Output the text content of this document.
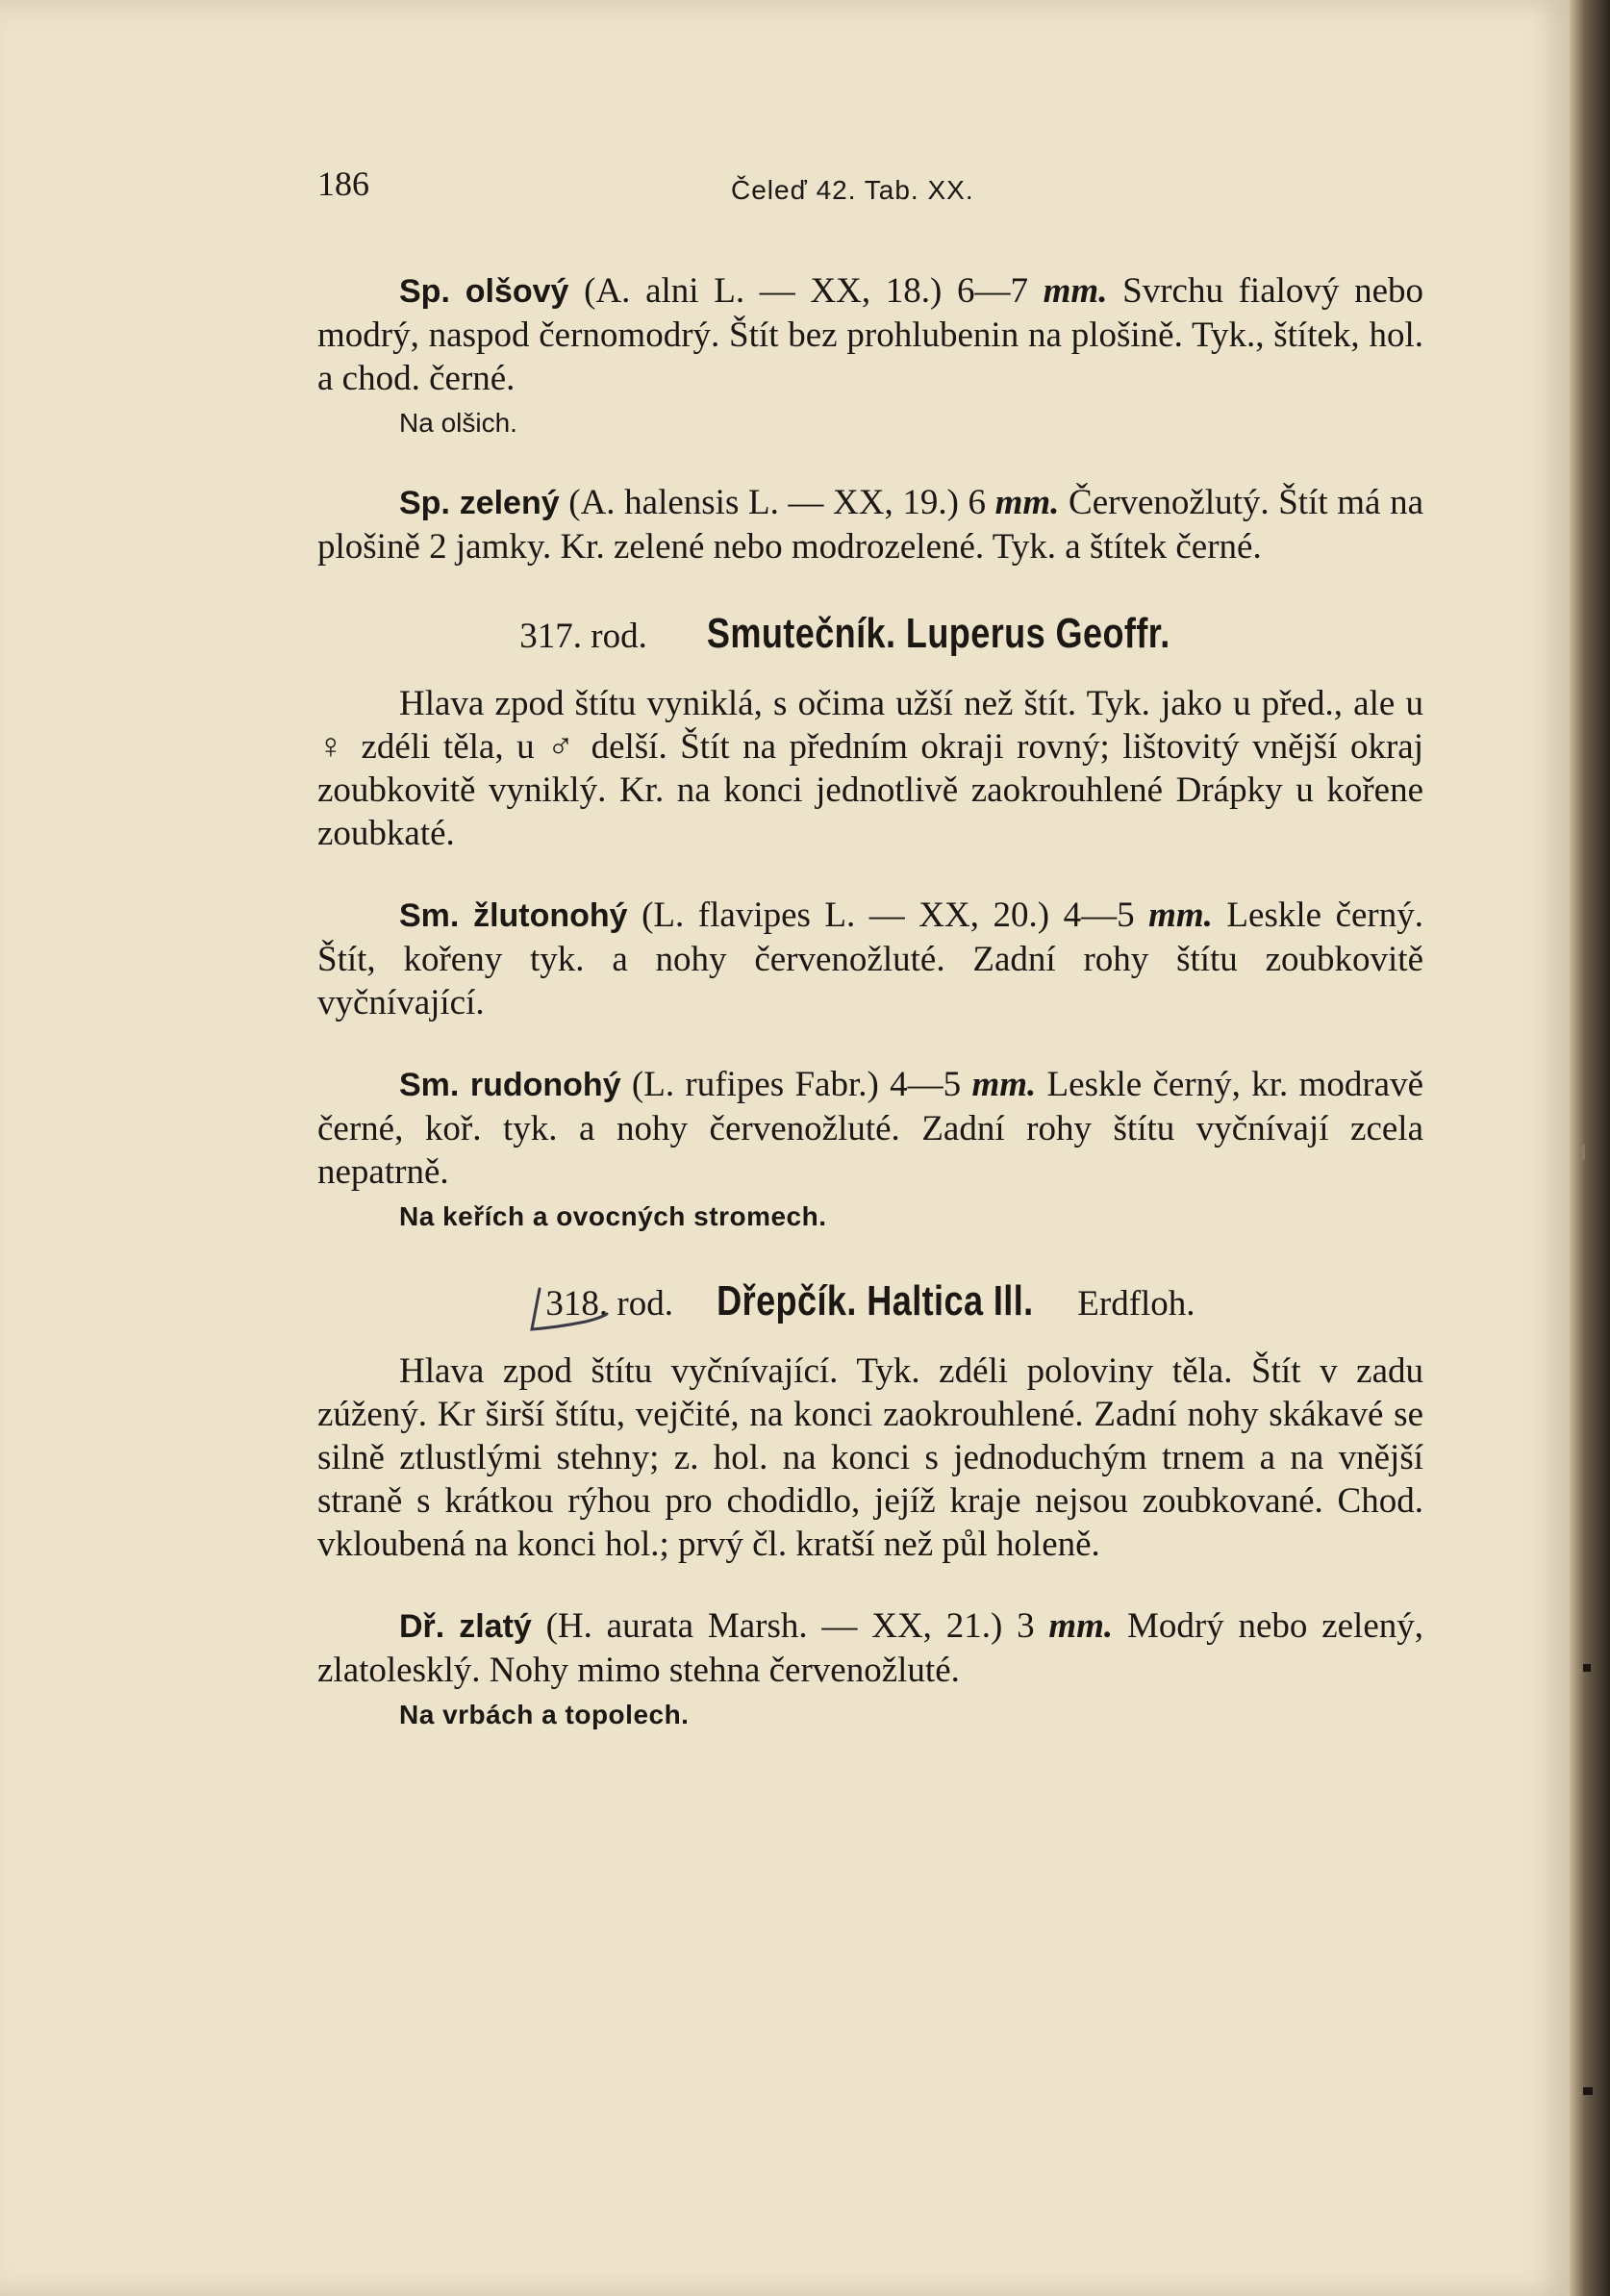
186	Čeleď 42. Tab. XX.

Sp. olšový (A. alni L. — XX, 18.) 6—7 mm. Svrchu fialový nebo modrý, naspod černomodrý. Štít bez prohlubenin na plošině. Tyk., štítek, hol. a chod. černé.

Na olšich.

Sp. zelený (A. halensis L. — XX, 19.) 6 mm. Červenožlutý. Štít má na plošině 2 jamky. Kr. zelené nebo modrozelené. Tyk. a štítek černé.

317. rod. Smutečník. Luperus Geoffr.

Hlava zpod štítu vyniklá, s očima užší než štít. Tyk. jako u před., ale u ♀ zdéli těla, u ♂ delší. Štít na předním okraji rovný; lištovitý vnější okraj zoubkovitě vyniklý. Kr. na konci jednotlivě zaokrouhlené Drápky u kořene zoubkaté.

Sm. žlutonohý (L. flavipes L. — XX, 20.) 4—5 mm. Leskle černý. Štít, kořeny tyk. a nohy červenožluté. Zadní rohy štítu zoubkovitě vyčnívající.

Sm. rudonohý (L. rufipes Fabr.) 4—5 mm. Leskle černý, kr. modravě černé, koř. tyk. a nohy červenožluté. Zadní rohy štítu vyčnívají zcela nepatrně.

Na keřích a ovocných stromech.
318. rod. Dřepčík. Haltica Ill. Erdfloh.

Hlava zpod štítu vyčnívající. Tyk. zdéli poloviny těla. Štít v zadu zúžený. Kr širší štítu, vejčité, na konci zaokrouhlené. Zadní nohy skákavé se silně ztlustlými stehny; z. hol. na konci s jednoduchým trnem a na vnější straně s krátkou rýhou pro chodidlo, jejíž kraje nejsou zoubkované. Chod. vkloubená na konci hol.; prvý čl. kratší než půl holeně.

Dř. zlatý (H. aurata Marsh. — XX, 21.) 3 mm. Modrý nebo zelený, zlatolesklý. Nohy mimo stehna červenožluté.

Na vrbách a topolech.
